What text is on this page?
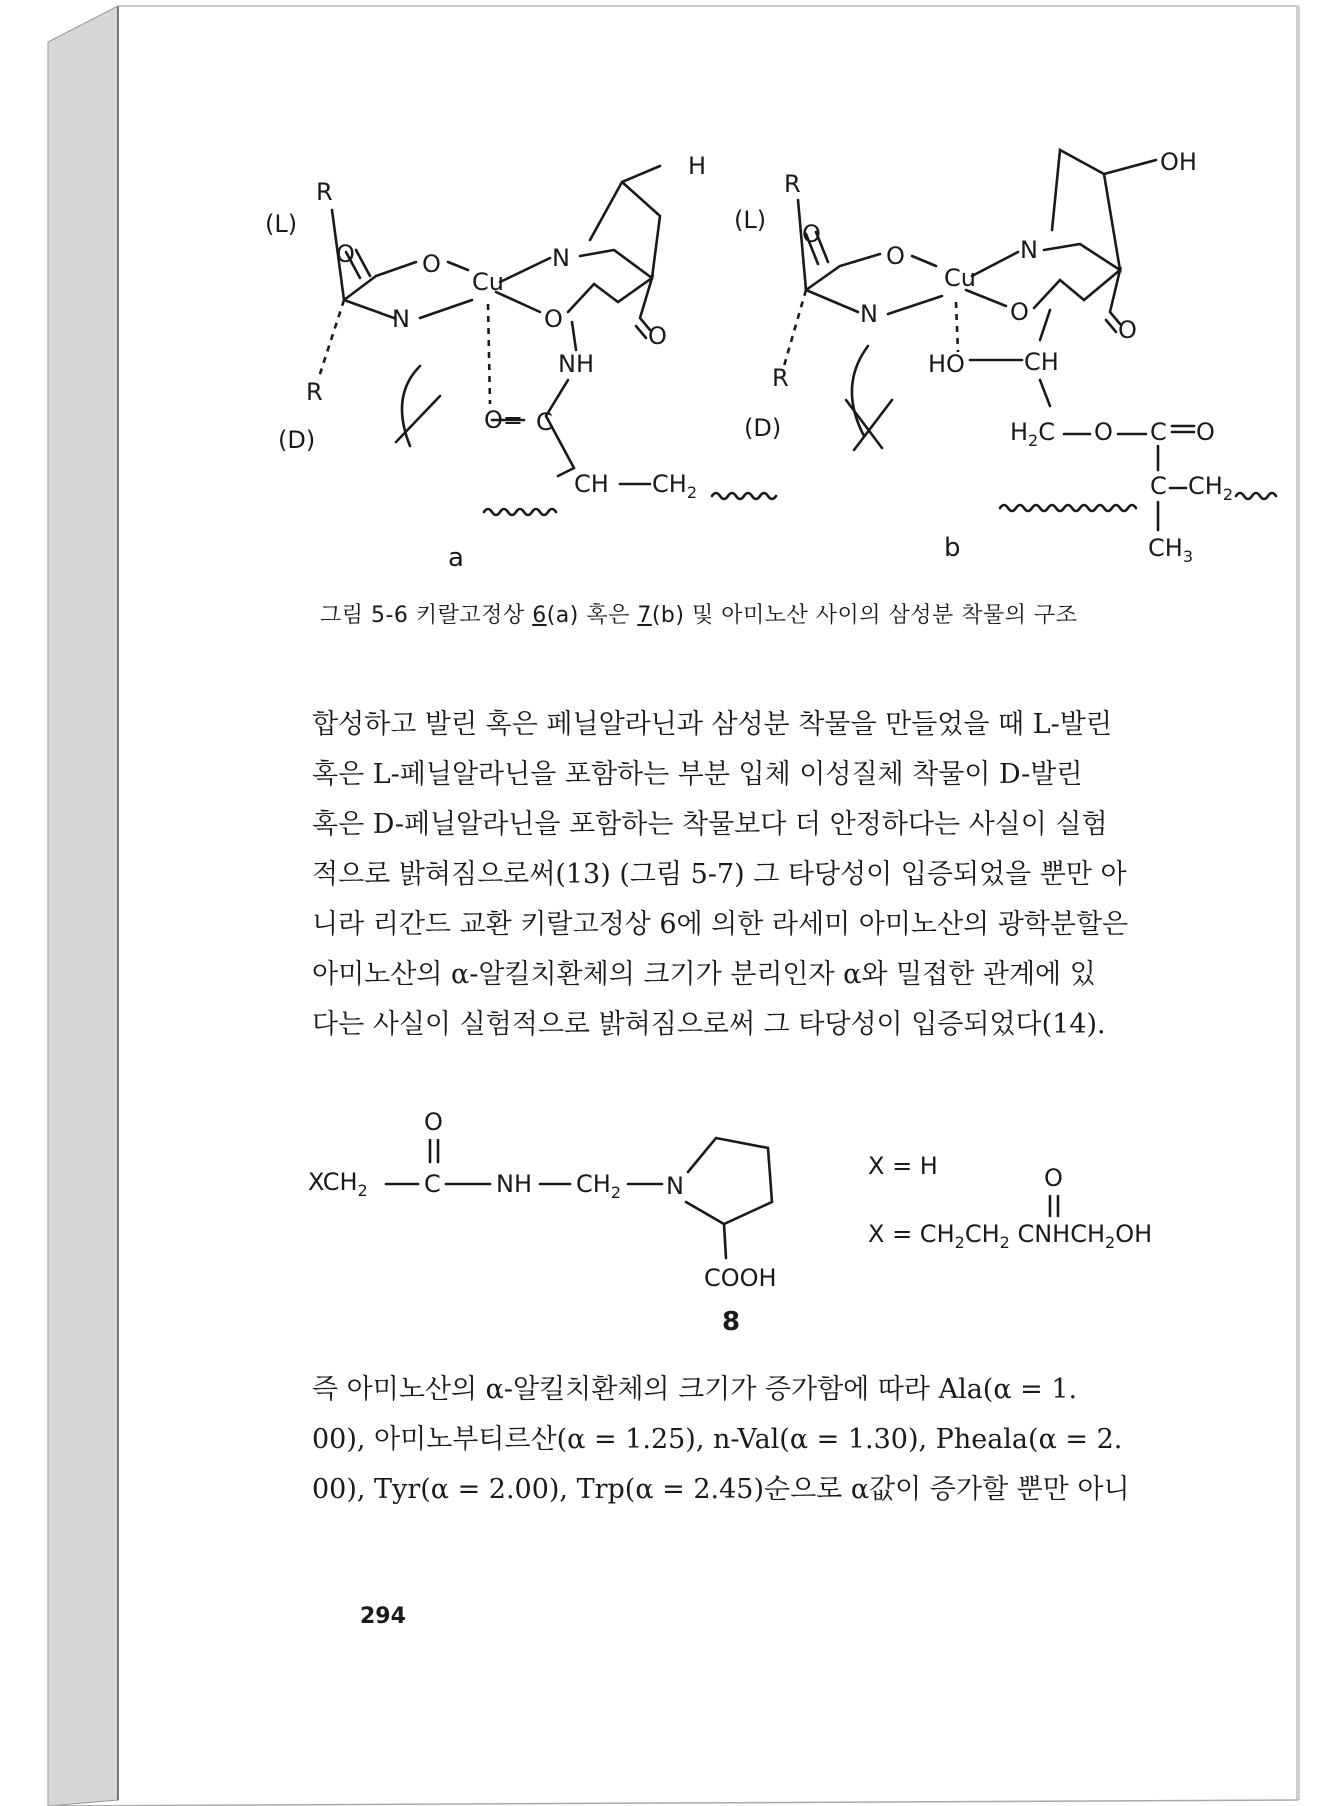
H
R
(L)
O	O
Cu
N
N	O
O
NH
R
(D)
O= C
CH $CH_2$
a
OH
R
(L) O
O
Cu
N
N	O
O
HO CH
R
(D)	$H_2C$ O C O
C $CH_2$
$CH_3$
b
그림 5-6 키랄고정상 6(a) 혹은 7(b) 및 아미노산 사이의 삼성분 착물의 구조
합성하고 발린 혹은 페닐알라닌과 삼성분 착물을 만들었을 때 L-발린
혹은 L-페닐알라닌을 포함하는 부분 입체 이성질체 착물이 D-발린
혹은 D-페닐알라닌을 포함하는 착물보다 더 안정하다는 사실이 실험
적으로 밝혀짐으로써(13) (그림 5-7) 그 타당성이 입증되었을 뿐만 아
니라 리간드 교환 키랄고정상 6에 의한 라세미 아미노산의 광학분할은
아미노산의 α-알킬치환체의 크기가 분리인자 α와 밀접한 관계에 있
다는 사실이 실험적으로 밝혀짐으로써 그 타당성이 입증되었다(14).
O
$XCH_2$ C NH $CH_2$ N
COOH
8
X = H	O
$X = CH_2CH_2$ $CNHCH_2OH$
즉 아미노산의 α-알킬치환체의 크기가 증가함에 따라 Ala(α = 1.
00), 아미노부티르산(α = 1.25), n-Val(α = 1.30), Pheala(α = 2.
00), Tyr(α = 2.00), Trp(α = 2.45)순으로 α값이 증가할 뿐만 아니
294
